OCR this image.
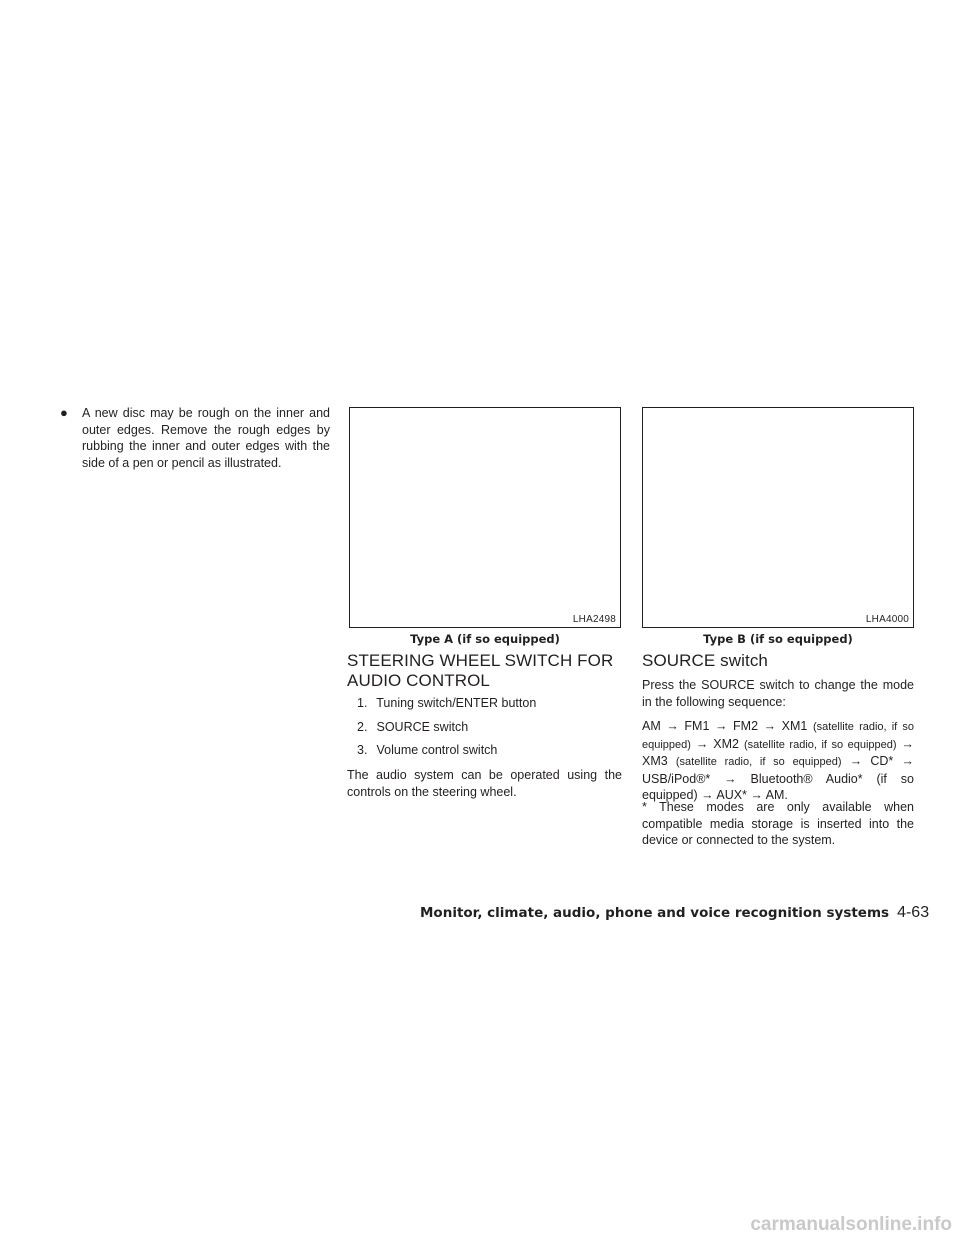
● A new disc may be rough on the inner and outer edges. Remove the rough edges by rubbing the inner and outer edges with the side of a pen or pencil as illustrated.
LHA2498
Type A (if so equipped)
LHA4000
Type B (if so equipped)
STEERING WHEEL SWITCH FOR
AUDIO CONTROL
1. Tuning switch/ENTER button
2. SOURCE switch
3. Volume control switch

The audio system can be operated using the controls on the steering wheel.

SOURCE switch

Press the SOURCE switch to change the mode in the following sequence:

AM → FM1 → FM2 → XM1 (satellite radio, if so equipped) → XM2 (satellite radio, if so equipped) → XM3 (satellite radio, if so equipped) → CD* → USB/iPod®* → Bluetooth® Audio* (if so equipped) → AUX* → AM.

* These modes are only available when compatible media storage is inserted into the device or connected to the system.

Monitor, climate, audio, phone and voice recognition systems 4-63
carmanualsonline.info
